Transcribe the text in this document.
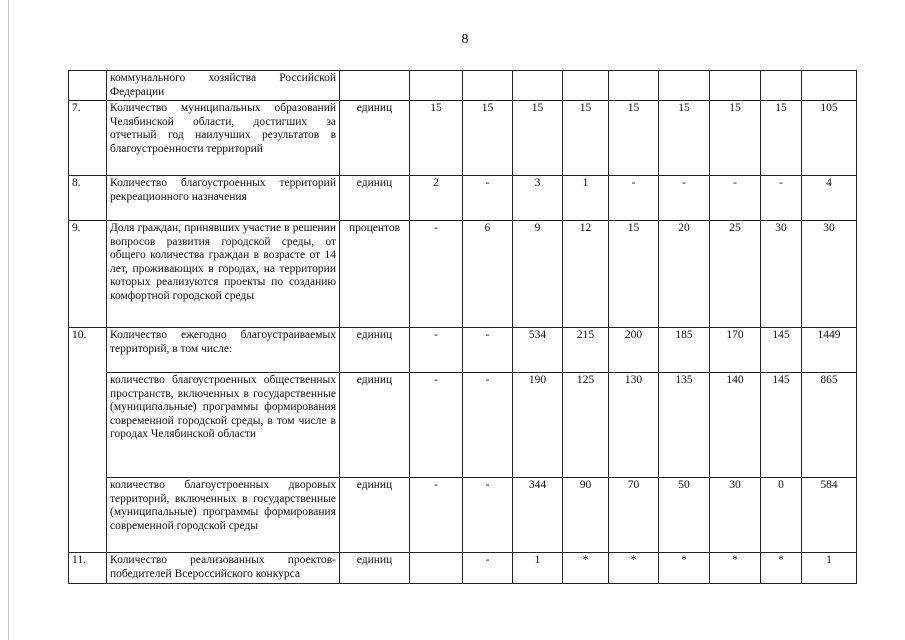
8
	коммунального хозяйства Российской Федерации										
7.	Количество муниципальных образований Челябинской области, достигших за отчетный год наилучших результатов в благоустроенности территорий	единиц	15	15	15	15	15	15	15	15	105
8.	Количество благоустроенных территорий рекреационного назначения	единиц	2	-	3	1	-	-	-	-	4
9.	Доля граждан, принявших участие в решении вопросов развития городской среды, от общего количества граждан в возрасте от 14 лет, проживающих в городах, на территории которых реализуются проекты по созданию комфортной городской среды	процентов	-	6	9	12	15	20	25	30	30
10.	Количество ежегодно благоустраиваемых территорий, в том числе:	единиц	-	-	534	215	200	185	170	145	1449
	количество благоустроенных общественных пространств, включенных в государственные (муниципальные) программы формирования современной городской среды, в том числе в городах Челябинской области	единиц	-	-	190	125	130	135	140	145	865
	количество благоустроенных дворовых территорий, включенных в государственные (муниципальные) программы формирования современной городской среды	единиц	-	-	344	90	70	50	30	0	584
11.	Количество реализованных проектов-победителей Всероссийского конкурса	единиц		-	1	*	*	*	*	*	1
